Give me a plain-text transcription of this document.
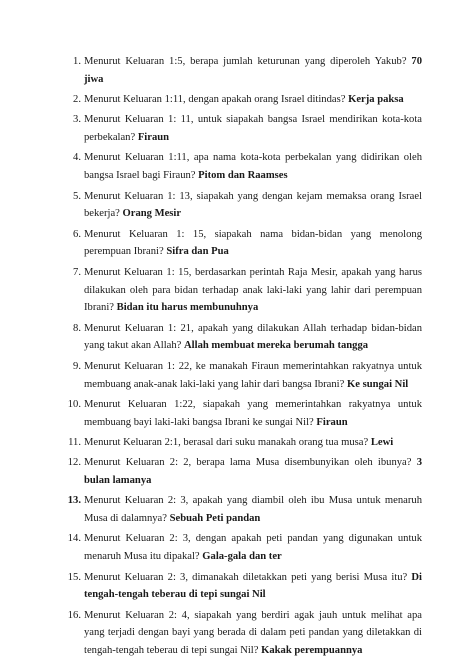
1. Menurut Keluaran 1:5, berapa jumlah keturunan yang diperoleh Yakub? 70 jiwa
2. Menurut Keluaran 1:11, dengan apakah orang Israel ditindas? Kerja paksa
3. Menurut Keluaran 1: 11, untuk siapakah bangsa Israel mendirikan kota-kota perbekalan? Firaun
4. Menurut Keluaran 1:11, apa nama kota-kota perbekalan yang didirikan oleh bangsa Israel bagi Firaun? Pitom dan Raamses
5. Menurut Keluaran 1: 13, siapakah yang dengan kejam memaksa orang Israel bekerja? Orang Mesir
6. Menurut Keluaran 1: 15, siapakah nama bidan-bidan yang menolong perempuan Ibrani? Sifra dan Pua
7. Menurut Keluaran 1: 15, berdasarkan perintah Raja Mesir, apakah yang harus dilakukan oleh para bidan terhadap anak laki-laki yang lahir dari perempuan Ibrani? Bidan itu harus membunuhnya
8. Menurut Keluaran 1: 21, apakah yang dilakukan Allah terhadap bidan-bidan yang takut akan Allah? Allah membuat mereka berumah tangga
9. Menurut Keluaran 1: 22, ke manakah Firaun memerintahkan rakyatnya untuk membuang anak-anak laki-laki yang lahir dari bangsa Ibrani? Ke sungai Nil
10. Menurut Keluaran 1:22, siapakah yang memerintahkan rakyatnya untuk membuang bayi laki-laki bangsa Ibrani ke sungai Nil? Firaun
11. Menurut Keluaran 2:1, berasal dari suku manakah orang tua musa? Lewi
12. Menurut Keluaran 2: 2, berapa lama Musa disembunyikan oleh ibunya? 3 bulan lamanya
13. Menurut Keluaran 2: 3, apakah yang diambil oleh ibu Musa untuk menaruh Musa di dalamnya? Sebuah Peti pandan
14. Menurut Keluaran 2: 3, dengan apakah peti pandan yang digunakan untuk menaruh Musa itu dipakal? Gala-gala dan ter
15. Menurut Keluaran 2: 3, dimanakah diletakkan peti yang berisi Musa itu? Di tengah-tengah teberau di tepi sungai Nil
16. Menurut Keluaran 2: 4, siapakah yang berdiri agak jauh untuk melihat apa yang terjadi dengan bayi yang berada di dalam peti pandan yang diletakkan di tengah-tengah teberau di tepi sungai Nil? Kakak perempuannya
